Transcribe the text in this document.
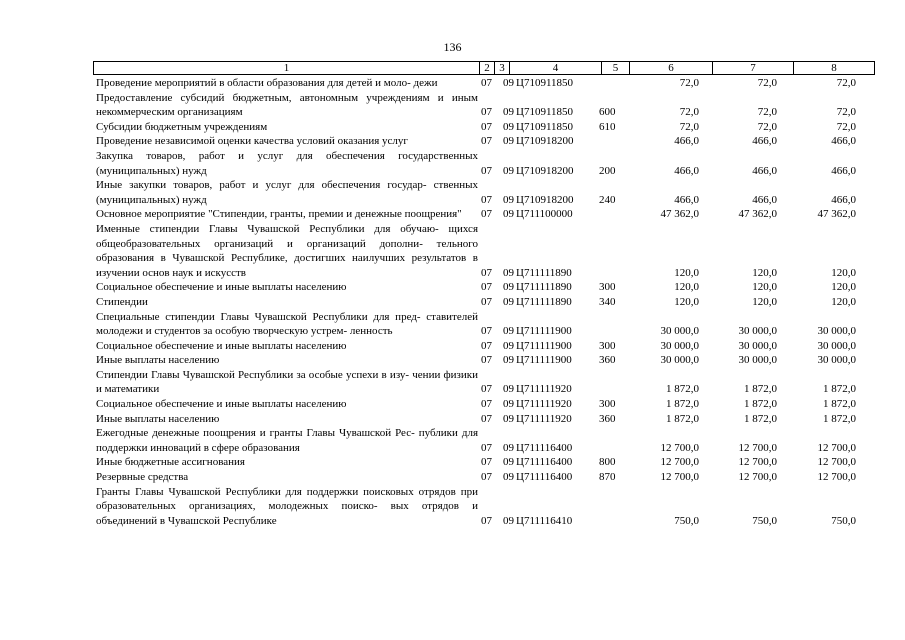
136
1	2	3	4	5	6	7	8
Проведение мероприятий в области образования для детей и моло- дежи	07 09 Ц710911850	72,0	72,0	72,0
Предоставление субсидий бюджетным, автономным учреждениям и иным некоммерческим организациям	07 09 Ц710911850 600	72,0	72,0	72,0
Субсидии бюджетным учреждениям	07 09 Ц710911850 610	72,0	72,0	72,0
Проведение независимой оценки качества условий оказания услуг	07 09 Ц710918200	466,0	466,0	466,0
Закупка товаров, работ и услуг для обеспечения государственных (муниципальных) нужд	07 09 Ц710918200 200	466,0	466,0	466,0
Иные закупки товаров, работ и услуг для обеспечения государ- ственных (муниципальных) нужд	07 09 Ц710918200 240	466,0	466,0	466,0
Основное мероприятие "Стипендии, гранты, премии и денежные поощрения"	07 09 Ц711100000	47 362,0	47 362,0	47 362,0
Именные стипендии Главы Чувашской Республики для обучаю- щихся общеобразовательных организаций и организаций дополни- тельного образования в Чувашской Республике, достигших наилучших результатов в изучении основ наук и искусств	07 09 Ц711111890	120,0	120,0	120,0
Социальное обеспечение и иные выплаты населению	07 09 Ц711111890 300	120,0	120,0	120,0
Стипендии	07 09 Ц711111890 340	120,0	120,0	120,0
Специальные стипендии Главы Чувашской Республики для пред- ставителей молодежи и студентов за особую творческую устрем- ленность	07 09 Ц711111900	30 000,0	30 000,0	30 000,0
Социальное обеспечение и иные выплаты населению	07 09 Ц711111900 300	30 000,0	30 000,0	30 000,0
Иные выплаты населению	07 09 Ц711111900 360	30 000,0	30 000,0	30 000,0
Стипендии Главы Чувашской Республики за особые успехи в изу- чении физики и математики	07 09 Ц711111920	1 872,0	1 872,0	1 872,0
Социальное обеспечение и иные выплаты населению	07 09 Ц711111920 300	1 872,0	1 872,0	1 872,0
Иные выплаты населению	07 09 Ц711111920 360	1 872,0	1 872,0	1 872,0
Ежегодные денежные поощрения и гранты Главы Чувашской Рес- публики для поддержки инноваций в сфере образования	07 09 Ц711116400	12 700,0	12 700,0	12 700,0
Иные бюджетные ассигнования	07 09 Ц711116400 800	12 700,0	12 700,0	12 700,0
Резервные средства	07 09 Ц711116400 870	12 700,0	12 700,0	12 700,0
Гранты Главы Чувашской Республики для поддержки поисковых отрядов при образовательных организациях, молодежных поиско- вых отрядов и объединений в Чувашской Республике	07 09 Ц711116410	750,0	750,0	750,0
